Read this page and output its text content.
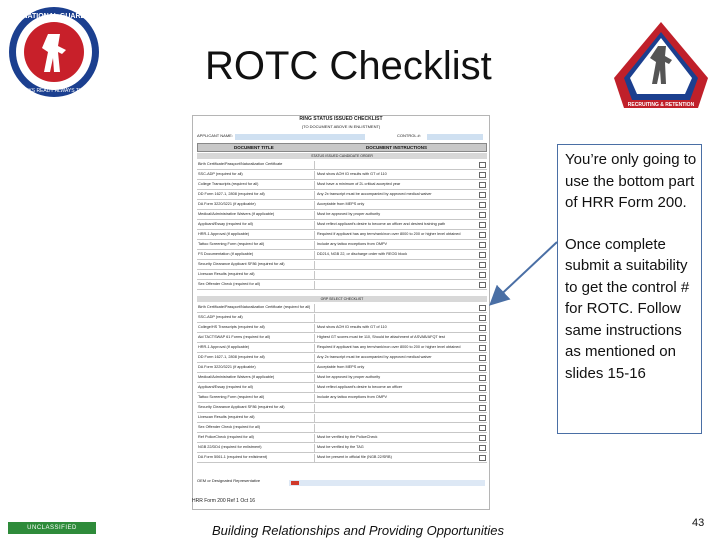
NATIONAL GUARD
ALWAYS READY ALWAYS THERE
RECRUITING & RETENTION
ROTC Checklist
RING STATUS ISSUED CHECKLIST
(TO DOCUMENT ABOVE IN ENLISTMENT)
APPLICANT NAME:	CONTROL #:
DOCUMENT TITLE	DOCUMENT INSTRUCTIONS
STATUS ISSUED CANDIDATE ORDER
Birth Certificate/Passport/Naturalization Certificate
SSC-ADP (required for all)	Must show AOH ID results with GT of 110
College Transcripts (required for all)	Must have a minimum of 2L critical accepted year
DD Form 1627-1, 2808 (required for all)	Any 2x transcript must be accompanied by approved medical waiver
DA Form 3220/3221 (if applicable)	Acceptable from MEPS only
Medical/Administrative Waivers (if applicable)	Must be approved by proper authority
Applicant/Essay (required for all)	Must reflect applicant's desire to become an officer and desired training path
HRR-1 Approval (if applicable)	Required if applicant has any term/rank/non over 8000 to 200 or higher level obtained
Tattoo Screening Form (required for all)	Include any tattoo exceptions from OMPV
FS Documentation (if applicable)	DD214, NGB 22, or discharge order with REOD block
Security Clearance Applicant SF86 (required for all)
Livescan Results (required for all)
Sex Offender Check (required for all)
ORP SELECT CHECKLIST
Birth Certificate/Passport/Naturalization Certificate (required for all)
SSC-ADP (required for all)
College/HS Transcripts (required for all)	Must show AOH ID results with GT of 110
Aid TACTSWAP 61 Forms (required for all)	Highest GT scores must be 110, Should be attachment of ASVAB/AFQT test
HRR-1 Approval (if applicable)	Required if applicant has any term/rank/non over 8000 to 200 or higher level obtained
DD Form 1627-1, 2808 (required for all)	Any 2x transcript must be accompanied by approved medical waiver
DA Form 3220/3221 (if applicable)	Acceptable from MEPS only
Medical/Administrative Waivers (if applicable)	Must be approved by proper authority
Applicant/Essay (required for all)	Must reflect applicant's desire to become an officer
Tattoo Screening Form (required for all)	Include any tattoo exceptions from OMPV
Security Clearance Applicant SF86 (required for all)
Livescan Results (required for all)
Sex Offender Check (required for all)
Ref PoliceCheck (required for all)	Must be verified by the PoliceCheck
NGB 22/DD4 (required for enlistment)	Must be verified by the TAG
DA Form 5061-1 (required for enlistment)	Must be present in official file (NGB 22/SRB)
OEM or Designated Representative
HRR Form 200 Ref 1 Oct 16

You’re only going to use the bottom part of HRR Form 200.

Once complete submit a suitability to get the control # for ROTC. Follow same instructions as mentioned on slides 15-16

UNCLASSIFIED	Building Relationships and Providing Opportunities	43
